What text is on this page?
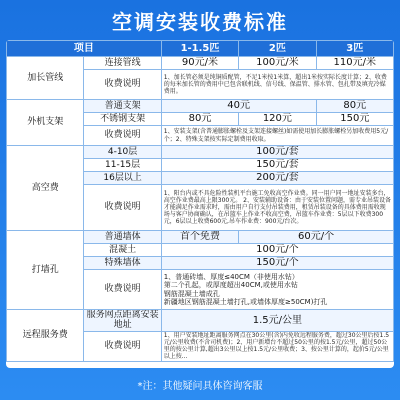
空调安装收费标准
项目		1-1.5匹	2匹	3匹
加长管线	连接管线	90元/米	100元/米	110元/米
	收费说明	1、加长管必须是纯铜质配管，不足1米按1米算，超出1米按实际长度计算；2、收费的每米加长管的费用中已包含联机线、信号线、保温管、排水管、包扎带及填充冷媒费用。		
外机支架	普通支架	40元		80元
	不锈钢支架	80元	120元	150元
	收费说明	1、安装支架(含普通膨胀螺栓及支架连接螺丝)如需使用加长膨胀螺栓另加收费用5元/个；2、特殊支架按实际定制费用收取。		
高空费	4-10层	100元/套		
	11-15层	150元/套		
	16层以上	200元/套		
	收费说明	1、阳台内或不具危险性装机平台施工免收高空作业费。同一用户同一地址安装多台，高空作业费最高上限300元。 2、安装辅助设备：由于安装位置问题，需专业吊装设备才能满足作业需求时，需由用户自行支付吊装费用，租赁吊装设备的具体费用需收现场与客户协商确认，在吊篮车上作业不收高空费，吊篮车作业费：5层以下收费300元，6层以上收费600元,吊车作业费：900元/台次。		
打墙孔	普通墙体	首个免费	60元/个	
	混凝土	100元/个		
	特殊墙体	150元/个		
	收费说明	1、普通砖墙、厚度≤40CM（非使用水钻）
第二个孔起，或厚度超出40CM,或使用水钻
钢筋混凝土墙成孔
新疆地区钢筋混凝土墙打孔,或墙体厚度≥50CM)打孔		
远程服务费	服务网点距离安装地址	1.5元/公里		
	收费说明	1、用户安装地址距离服务网点在30公里(含)内免收远程服务费，超过30公里后按1.5元/公里收费(不含司机费)；2、用户新增台不超过50公里的按1.5元/公里，超过50公里的按公里计算,超出3公里以上按1.5元/公里收费；3、按公里计算的，起价5元/公里以上按...		
*注：其他疑问具体咨询客服
